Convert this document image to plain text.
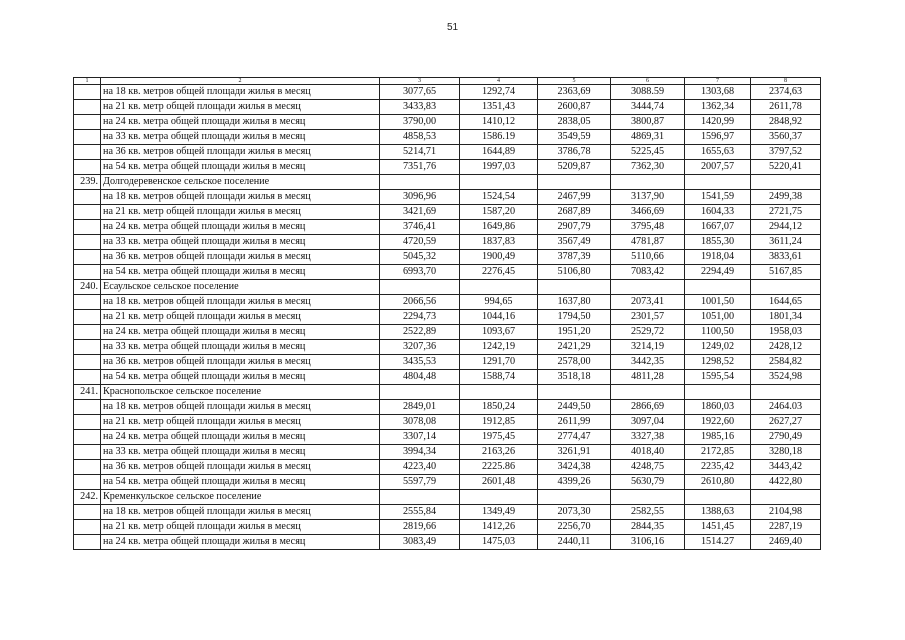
51
1	2	3	4	5	6	7	8
	на 18 кв. метров общей площади жилья в месяц	3077,65	1292,74	2363,69	3088.59	1303,68	2374,63
	на 21 кв. метр общей площади жилья в месяц	3433,83	1351,43	2600,87	3444,74	1362,34	2611,78
	на 24 кв. метра общей площади жилья в месяц	3790,00	1410,12	2838,05	3800,87	1420,99	2848,92
	на 33 кв. метра общей площади жилья в месяц	4858,53	1586.19	3549,59	4869,31	1596,97	3560,37
	на 36 кв. метров общей площади жилья в месяц	5214,71	1644,89	3786,78	5225,45	1655,63	3797,52
	на 54 кв. метра общей площади жилья в месяц	7351,76	1997,03	5209,87	7362,30	2007,57	5220,41
239.	Долгодеревенское сельское поселение						
	на 18 кв. метров общей площади жилья в месяц	3096,96	1524,54	2467,99	3137,90	1541,59	2499,38
	на 21 кв. метр общей площади жилья в месяц	3421,69	1587,20	2687,89	3466,69	1604,33	2721,75
	на 24 кв. метра общей площади жилья в месяц	3746,41	1649,86	2907,79	3795,48	1667,07	2944,12
	на 33 кв. метра общей площади жилья в месяц	4720,59	1837,83	3567,49	4781,87	1855,30	3611,24
	на 36 кв. метров общей площади жилья в месяц	5045,32	1900,49	3787,39	5110,66	1918,04	3833,61
	на 54 кв. метра общей площади жилья в месяц	6993,70	2276,45	5106,80	7083,42	2294,49	5167,85
240.	Есаульское сельское поселение						
	на 18 кв. метров общей площади жилья в месяц	2066,56	994,65	1637,80	2073,41	1001,50	1644,65
	на 21 кв. метр общей площади жилья в месяц	2294,73	1044,16	1794,50	2301,57	1051,00	1801,34
	на 24 кв. метра общей площади жилья в месяц	2522,89	1093,67	1951,20	2529,72	1100,50	1958,03
	на 33 кв. метра общей площади жилья в месяц	3207,36	1242,19	2421,29	3214,19	1249,02	2428,12
	на 36 кв. метров общей площади жилья в месяц	3435,53	1291,70	2578,00	3442,35	1298,52	2584,82
	на 54 кв. метра общей площади жилья в месяц	4804,48	1588,74	3518,18	4811,28	1595,54	3524,98
241.	Краснопольское сельское поселение						
	на 18 кв. метров общей площади жилья в месяц	2849,01	1850,24	2449,50	2866,69	1860,03	2464.03
	на 21 кв. метр общей площади жилья в месяц	3078,08	1912,85	2611,99	3097,04	1922,60	2627,27
	на 24 кв. метра общей площади жилья в месяц	3307,14	1975,45	2774,47	3327,38	1985,16	2790,49
	на 33 кв. метра общей площади жилья в месяц	3994,34	2163,26	3261,91	4018,40	2172,85	3280,18
	на 36 кв. метров общей площади жилья в месяц	4223,40	2225.86	3424,38	4248,75	2235,42	3443,42
	на 54 кв. метра общей площади жилья в месяц	5597,79	2601,48	4399,26	5630,79	2610,80	4422,80
242.	Кременкульское сельское поселение						
	на 18 кв. метров общей площади жилья в месяц	2555,84	1349,49	2073,30	2582,55	1388,63	2104,98
	на 21 кв. метр общей площади жилья в месяц	2819,66	1412,26	2256,70	2844,35	1451,45	2287,19
	на 24 кв. метра общей площади жилья в месяц	3083,49	1475,03	2440,11	3106,16	1514.27	2469,40
